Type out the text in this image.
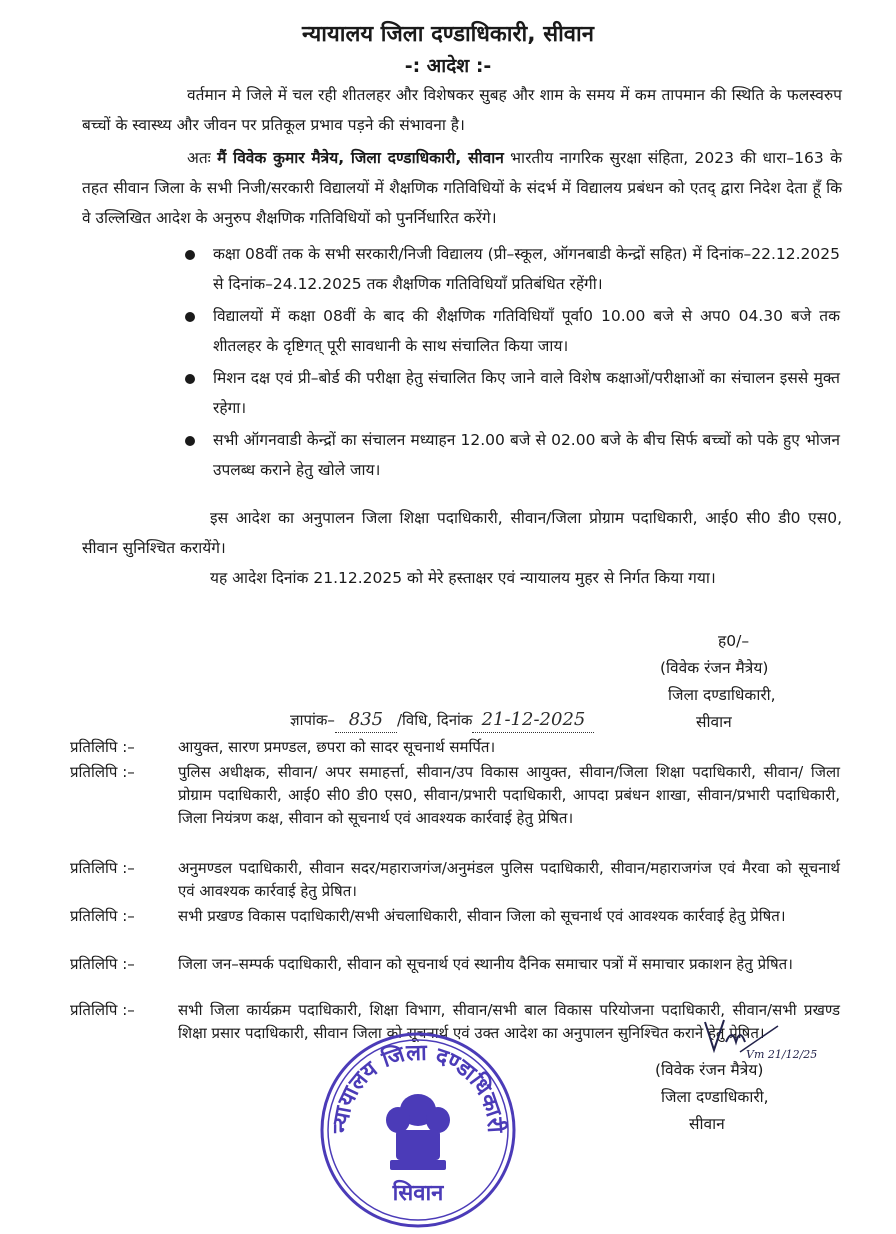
न्यायालय जिला दण्डाधिकारी, सीवान
-: आदेश :-
वर्तमान मे जिले में चल रही शीतलहर और विशेषकर सुबह और शाम के समय में कम तापमान की स्थिति के फलस्वरुप बच्चों के स्वास्थ्य और जीवन पर प्रतिकूल प्रभाव पड़ने की संभावना है।
अतः मैं विवेक कुमार मैत्रेय, जिला दण्डाधिकारी, सीवान भारतीय नागरिक सुरक्षा संहिता, 2023 की धारा–163 के तहत सीवान जिला के सभी निजी/सरकारी विद्यालयों में शैक्षणिक गतिविधियों के संदर्भ में विद्यालय प्रबंधन को एतद् द्वारा निदेश देता हूँ कि वे उल्लिखित आदेश के अनुरुप शैक्षणिक गतिविधियों को पुनर्निधारित करेंगे।
कक्षा 08वीं तक के सभी सरकारी/निजी विद्यालय (प्री–स्कूल, ऑगनबाडी केन्द्रों सहित) में दिनांक–22.12.2025 से दिनांक–24.12.2025 तक शैक्षणिक गतिविधियाँ प्रतिबंधित रहेंगी।
विद्यालयों में कक्षा 08वीं के बाद की शैक्षणिक गतिविधियाँ पूर्वा0 10.00 बजे से अप0 04.30 बजे तक शीतलहर के दृष्टिगत् पूरी सावधानी के साथ संचालित किया जाय।
मिशन दक्ष एवं प्री–बोर्ड की परीक्षा हेतु संचालित किए जाने वाले विशेष कक्षाओं/परीक्षाओं का संचालन इससे मुक्त रहेगा।
सभी ऑगनवाडी केन्द्रों का संचालन मध्याहन 12.00 बजे से 02.00 बजे के बीच सिर्फ बच्चों को पके हुए भोजन उपलब्ध कराने हेतु खोले जाय।
इस आदेश का अनुपालन जिला शिक्षा पदाधिकारी, सीवान/जिला प्रोग्राम पदाधिकारी, आई0 सी0 डी0 एस0, सीवान सुनिश्चित करायेंगे।
यह आदेश दिनांक 21.12.2025 को मेरे हस्ताक्षर एवं न्यायालय मुहर से निर्गत किया गया।
ह0/–
(विवेक रंजन मैत्रेय)
जिला दण्डाधिकारी,
सीवान
ज्ञापांक– 835 /विधि, दिनांक 21-12-2025
प्रतिलिपि :–	आयुक्त, सारण प्रमण्डल, छपरा को सादर सूचनार्थ समर्पित।
प्रतिलिपि :–	पुलिस अधीक्षक, सीवान/ अपर समाहर्त्ता, सीवान/उप विकास आयुक्त, सीवान/जिला शिक्षा पदाधिकारी, सीवान/ जिला प्रोग्राम पदाधिकारी, आई0 सी0 डी0 एस0, सीवान/प्रभारी पदाधिकारी, आपदा प्रबंधन शाखा, सीवान/प्रभारी पदाधिकारी, जिला नियंत्रण कक्ष, सीवान को सूचनार्थ एवं आवश्यक कार्रवाई हेतु प्रेषित।
प्रतिलिपि :–	अनुमण्डल पदाधिकारी, सीवान सदर/महाराजगंज/अनुमंडल पुलिस पदाधिकारी, सीवान/महाराजगंज एवं मैरवा को सूचनार्थ एवं आवश्यक कार्रवाई हेतु प्रेषित।
प्रतिलिपि :–	सभी प्रखण्ड विकास पदाधिकारी/सभी अंचलाधिकारी, सीवान जिला को सूचनार्थ एवं आवश्यक कार्रवाई हेतु प्रेषित।
प्रतिलिपि :–	जिला जन–सम्पर्क पदाधिकारी, सीवान को सूचनार्थ एवं स्थानीय दैनिक समाचार पत्रों में समाचार प्रकाशन हेतु प्रेषित।
प्रतिलिपि :–	सभी जिला कार्यक्रम पदाधिकारी, शिक्षा विभाग, सीवान/सभी बाल विकास परियोजना पदाधिकारी, सीवान/सभी प्रखण्ड शिक्षा प्रसार पदाधिकारी, सीवान जिला को सूचनार्थ एवं उक्त आदेश का अनुपालन सुनिश्चित कराने हेतु प्रेषित।
Vm 21/12/25
(विवेक रंजन मैत्रेय)
जिला दण्डाधिकारी,
सीवान
न्यायालय जिला दण्डाधिकारी
सिवान
